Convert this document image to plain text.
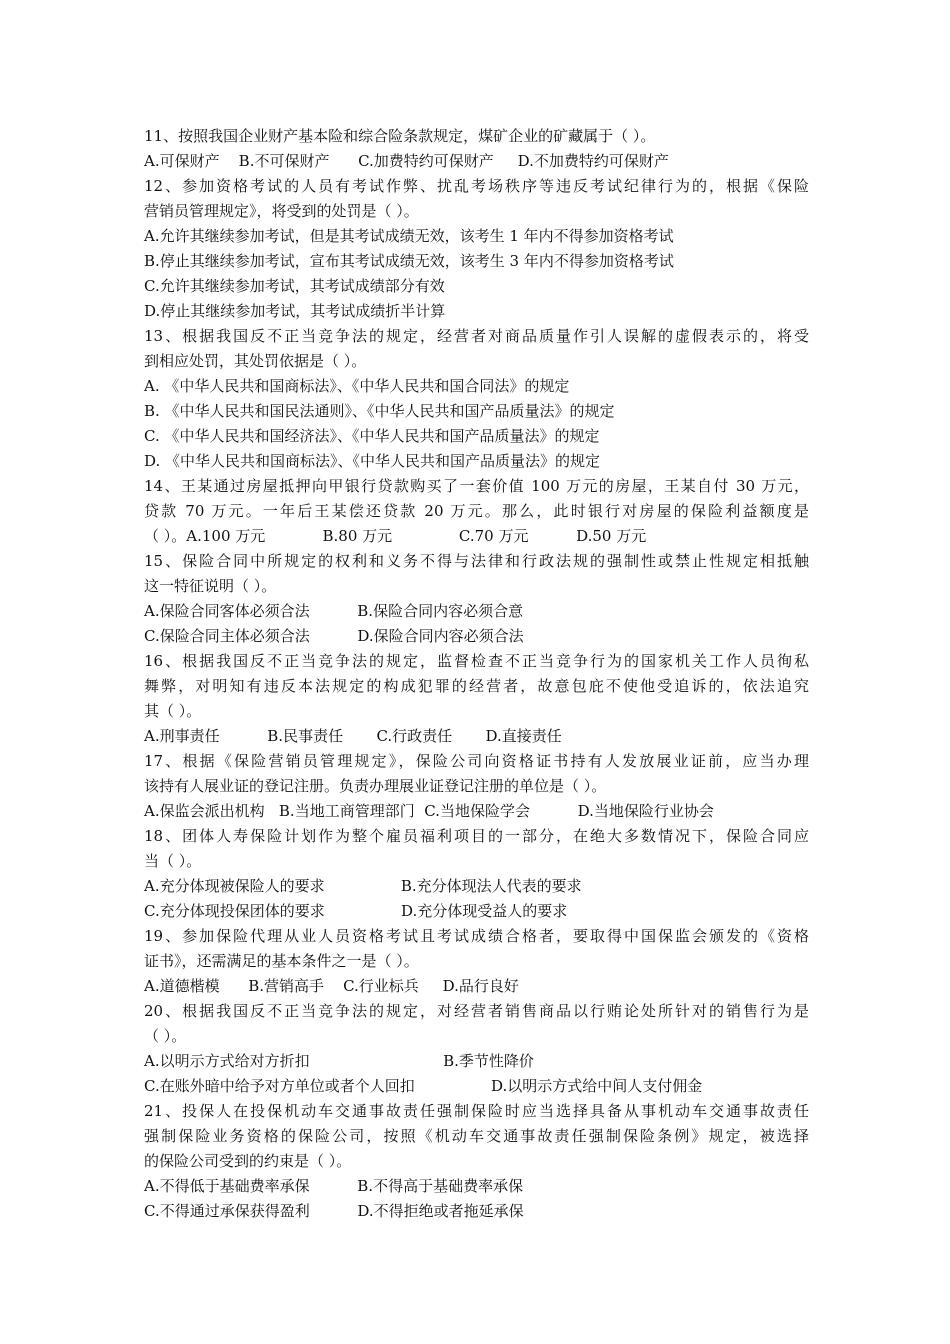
11、按照我国企业财产基本险和综合险条款规定，煤矿企业的矿藏属于（ ）。
A.可保财产    B.不可保财产      C.加费特约可保财产     D.不加费特约可保财产
12、参加资格考试的人员有考试作弊、扰乱考场秩序等违反考试纪律行为的，根据《保险
营销员管理规定》，将受到的处罚是（ ）。
A.允许其继续参加考试，但是其考试成绩无效，该考生 1 年内不得参加资格考试
B.停止其继续参加考试，宣布其考试成绩无效，该考生 3 年内不得参加资格考试
C.允许其继续参加考试，其考试成绩部分有效
D.停止其继续参加考试，其考试成绩折半计算
13、根据我国反不正当竞争法的规定，经营者对商品质量作引人误解的虚假表示的，将受
到相应处罚，其处罚依据是（ ）。
A. 《中华人民共和国商标法》、《中华人民共和国合同法》的规定
B. 《中华人民共和国民法通则》、《中华人民共和国产品质量法》的规定
C. 《中华人民共和国经济法》、《中华人民共和国产品质量法》的规定
D. 《中华人民共和国商标法》、《中华人民共和国产品质量法》的规定
14、王某通过房屋抵押向甲银行贷款购买了一套价值 100 万元的房屋，王某自付 30 万元，
贷款 70 万元。一年后王某偿还贷款 20 万元。那么，此时银行对房屋的保险利益额度是
（ ）。A.100 万元            B.80 万元              C.70 万元          D.50 万元
15、保险合同中所规定的权利和义务不得与法律和行政法规的强制性或禁止性规定相抵触
这一特征说明（ ）。
A.保险合同客体必须合法          B.保险合同内容必须合意
C.保险合同主体必须合法          D.保险合同内容必须合法
16、根据我国反不正当竞争法的规定，监督检查不正当竞争行为的国家机关工作人员徇私
舞弊，对明知有违反本法规定的构成犯罪的经营者，故意包庇不使他受追诉的，依法追究
其（ ）。
A.刑事责任          B.民事责任       C.行政责任       D.直接责任
17、根据《保险营销员管理规定》，保险公司向资格证书持有人发放展业证前，应当办理
该持有人展业证的登记注册。负责办理展业证登记注册的单位是（ ）。
A.保监会派出机构   B.当地工商管理部门  C.当地保险学会          D.当地保险行业协会
18、团体人寿保险计划作为整个雇员福利项目的一部分，在绝大多数情况下，保险合同应
当（ ）。
A.充分体现被保险人的要求                B.充分体现法人代表的要求
C.充分体现投保团体的要求                D.充分体现受益人的要求
19、参加保险代理从业人员资格考试且考试成绩合格者，要取得中国保监会颁发的《资格
证书》，还需满足的基本条件之一是（ ）。
A.道德楷模      B.营销高手    C.行业标兵     D.品行良好
20、根据我国反不正当竞争法的规定，对经营者销售商品以行贿论处所针对的销售行为是
（ ）。
A.以明示方式给对方折扣                            B.季节性降价
C.在账外暗中给予对方单位或者个人回扣                D.以明示方式给中间人支付佣金
21、投保人在投保机动车交通事故责任强制保险时应当选择具备从事机动车交通事故责任
强制保险业务资格的保险公司，按照《机动车交通事故责任强制保险条例》规定，被选择
的保险公司受到的约束是（ ）。
A.不得低于基础费率承保          B.不得高于基础费率承保
C.不得通过承保获得盈利          D.不得拒绝或者拖延承保
